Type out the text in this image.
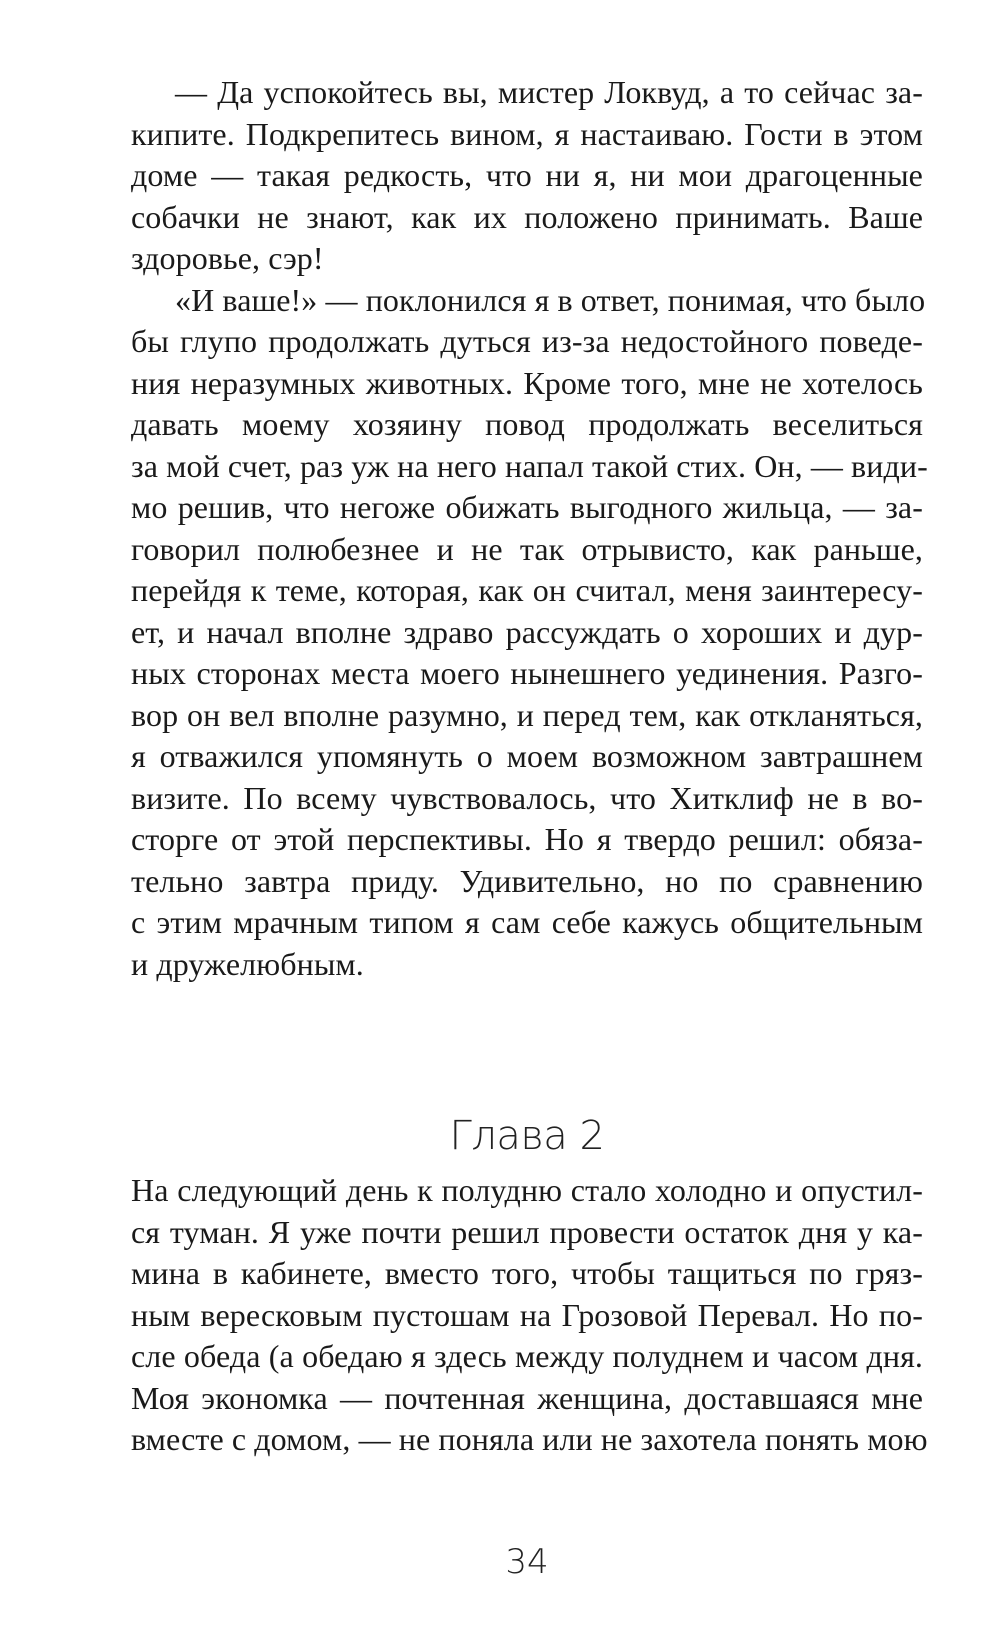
— Да успокойтесь вы, мистер Локвуд, а то сейчас за-
кипите. Подкрепитесь вином, я настаиваю. Гости в этом
доме — такая редкость, что ни я, ни мои драгоценные
собачки не знают, как их положено принимать. Ваше
здоровье, сэр!
«И ваше!» — поклонился я в ответ, понимая, что было
бы глупо продолжать дуться из-за недостойного поведе-
ния неразумных животных. Кроме того, мне не хотелось
давать моему хозяину повод продолжать веселиться
за мой счет, раз уж на него напал такой стих. Он, — види-
мо решив, что негоже обижать выгодного жильца, — за-
говорил полюбезнее и не так отрывисто, как раньше,
перейдя к теме, которая, как он считал, меня заинтересу-
ет, и начал вполне здраво рассуждать о хороших и дур-
ных сторонах места моего нынешнего уединения. Разго-
вор он вел вполне разумно, и перед тем, как откланяться,
я отважился упомянуть о моем возможном завтрашнем
визите. По всему чувствовалось, что Хитклиф не в во-
сторге от этой перспективы. Но я твердо решил: обяза-
тельно завтра приду. Удивительно, но по сравнению
с этим мрачным типом я сам себе кажусь общительным
и дружелюбным.
Глава 2
На следующий день к полудню стало холодно и опустил-
ся туман. Я уже почти решил провести остаток дня у ка-
мина в кабинете, вместо того, чтобы тащиться по гряз-
ным вересковым пустошам на Грозовой Перевал. Но по-
сле обеда (а обедаю я здесь между полуднем и часом дня.
Моя экономка — почтенная женщина, доставшаяся мне
вместе с домом, — не поняла или не захотела понять мою
34
